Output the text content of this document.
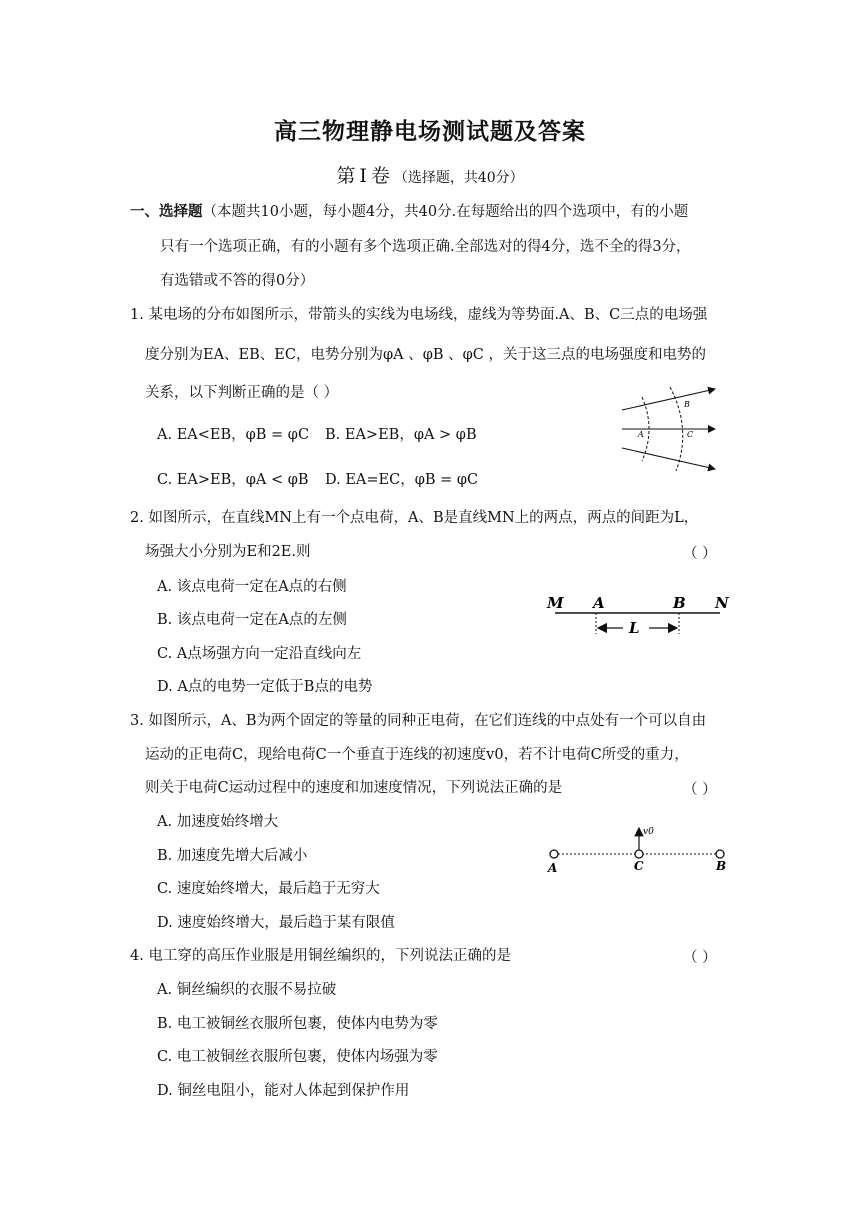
高三物理静电场测试题及答案
第Ⅰ卷（选择题，共40分）
一、选择题（本题共10小题，每小题4分，共40分.在每题给出的四个选项中，有的小题
只有一个选项正确，有的小题有多个选项正确.全部选对的得4分，选不全的得3分，
有选错或不答的得0分）
1. 某电场的分布如图所示，带箭头的实线为电场线，虚线为等势面.A、B、C三点的电场强
度分别为EA、EB、EC，电势分别为φA 、φB 、φC ，关于这三点的电场强度和电势的
关系，以下判断正确的是（ ）
A. EA<EB，φB = φC B. EA>EB，φA > φB
C. EA>EB，φA < φB D. EA=EC，φB = φC
A
B
C
2. 如图所示，在直线MN上有一个点电荷，A、B是直线MN上的两点，两点的间距为L，
场强大小分别为E和2E.则	（ ）
A. 该点电荷一定在A点的右侧
B. 该点电荷一定在A点的左侧
C. A点场强方向一定沿直线向左
D. A点的电势一定低于B点的电势
M A	B N
L
3. 如图所示，A、B为两个固定的等量的同种正电荷，在它们连线的中点处有一个可以自由
运动的正电荷C，现给电荷C一个垂直于连线的初速度v0，若不计电荷C所受的重力，
则关于电荷C运动过程中的速度和加速度情况，下列说法正确的是	（ ）
A. 加速度始终增大
B. 加速度先增大后减小
C. 速度始终增大，最后趋于无穷大
D. 速度始终增大，最后趋于某有限值
v0
A	C	B
4. 电工穿的高压作业服是用铜丝编织的，下列说法正确的是	（ ）
A. 铜丝编织的衣服不易拉破
B. 电工被铜丝衣服所包裹，使体内电势为零
C. 电工被铜丝衣服所包裹，使体内场强为零
D. 铜丝电阻小，能对人体起到保护作用
